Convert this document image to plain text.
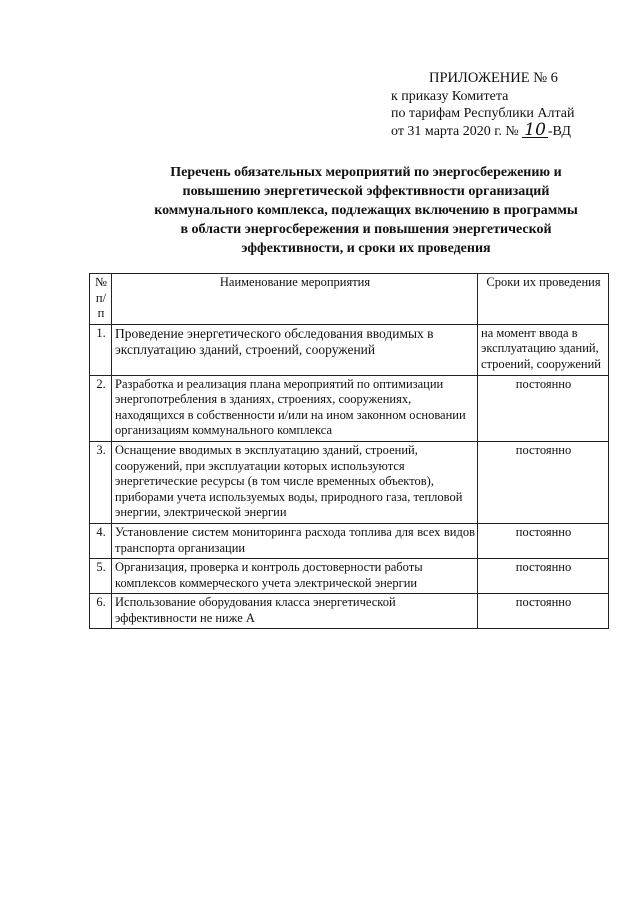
ПРИЛОЖЕНИЕ № 6
к приказу Комитета
по тарифам Республики Алтай
от 31 марта 2020 г. № 10 -ВД
Перечень обязательных мероприятий по энергосбережению и
повышению энергетической эффективности организаций
коммунального комплекса, подлежащих включению в программы
в области энергосбережения и повышения энергетической
эффективности, и сроки их проведения
№ п/п	Наименование мероприятия	Сроки их проведения
1.	Проведение энергетического обследования вводимых в эксплуатацию зданий, строений, сооружений	на момент ввода в эксплуатацию зданий, строений, сооружений
2.	Разработка и реализация плана мероприятий по оптимизации энергопотребления в зданиях, строениях, сооружениях, находящихся в собственности и/или на ином законном основании организациям коммунального комплекса	постоянно
3.	Оснащение вводимых в эксплуатацию зданий, строений, сооружений, при эксплуатации которых используются энергетические ресурсы (в том числе временных объектов), приборами учета используемых воды, природного газа, тепловой энергии, электрической энергии	постоянно
4.	Установление систем мониторинга расхода топлива для всех видов транспорта организации	постоянно
5.	Организация, проверка и контроль достоверности работы комплексов коммерческого учета электрической энергии	постоянно
6.	Использование оборудования класса энергетической эффективности не ниже А	постоянно
